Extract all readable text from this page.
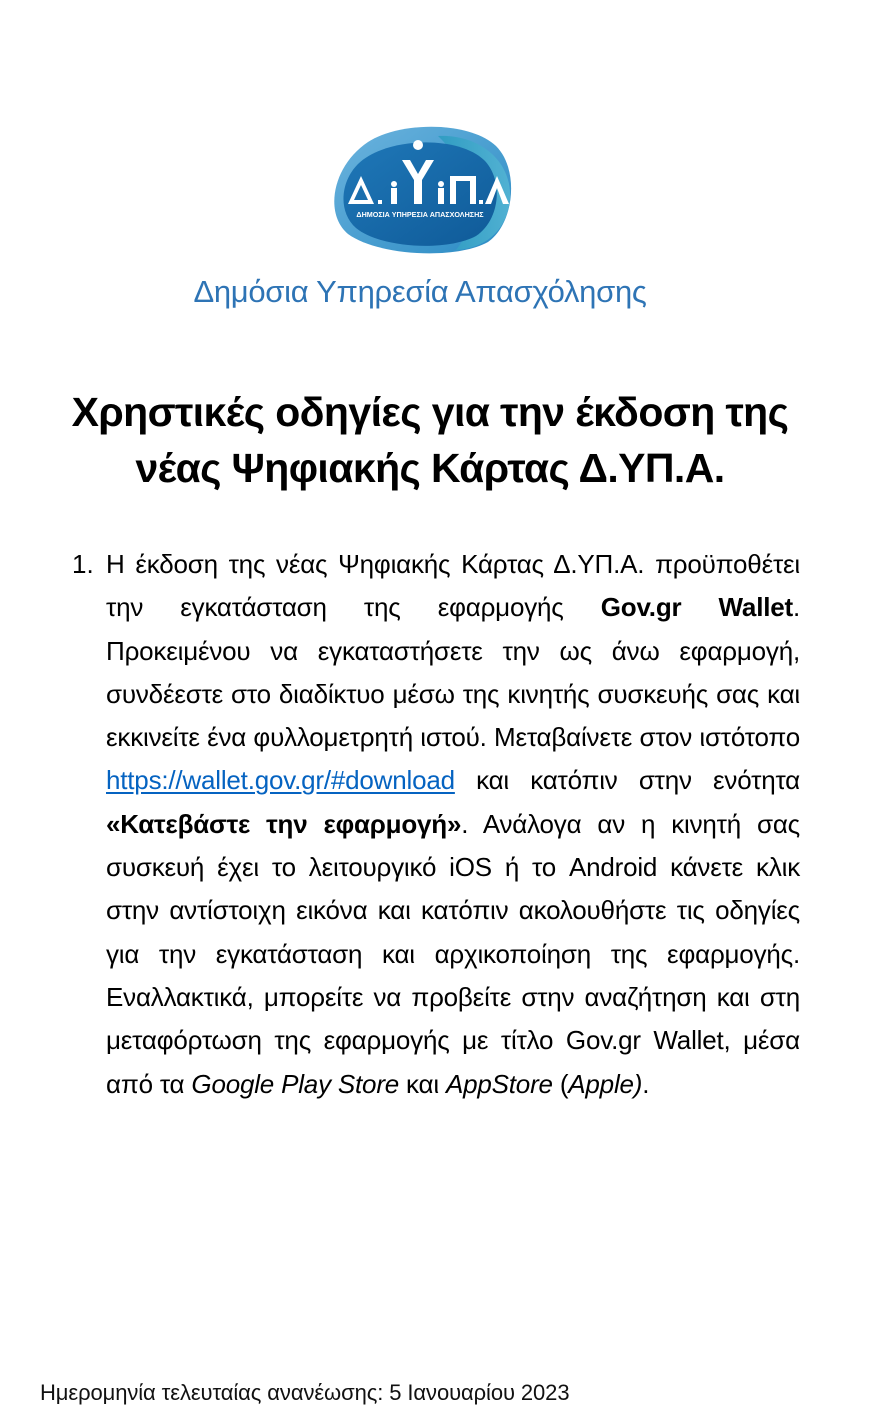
ΔΗΜΟΣΙΑ ΥΠΗΡΕΣΙΑ ΑΠΑΣΧΟΛΗΣΗΣ
Δημόσια Υπηρεσία Απασχόλησης
Χρηστικές οδηγίες για την έκδοση της
νέας Ψηφιακής Κάρτας Δ.ΥΠ.Α.
1. Η έκδοση της νέας Ψηφιακής Κάρτας Δ.ΥΠ.Α. προϋποθέτει την εγκατάσταση της εφαρμογής Gov.gr Wallet. Προκειμένου να εγκαταστήσετε την ως άνω εφαρμογή, συνδέεστε στο διαδίκτυο μέσω της κινητής συσκευής σας και εκκινείτε ένα φυλλομετρητή ιστού. Μεταβαίνετε στον ιστότοπο https://wallet.gov.gr/#download και κατόπιν στην ενότητα «Κατεβάστε την εφαρμογή». Ανάλογα αν η κινητή σας συσκευή έχει το λειτουργικό iOS ή το Android κάνετε κλικ στην αντίστοιχη εικόνα και κατόπιν ακολουθήστε τις οδηγίες για την εγκατάσταση και αρχικοποίηση της εφαρμογής. Εναλλακτικά, μπορείτε να προβείτε στην αναζήτηση και στη μεταφόρτωση της εφαρμογής με τίτλο Gov.gr Wallet, μέσα από τα Google Play Store και AppStore (Apple).

Ημερομηνία τελευταίας ανανέωσης: 5 Ιανουαρίου 2023
